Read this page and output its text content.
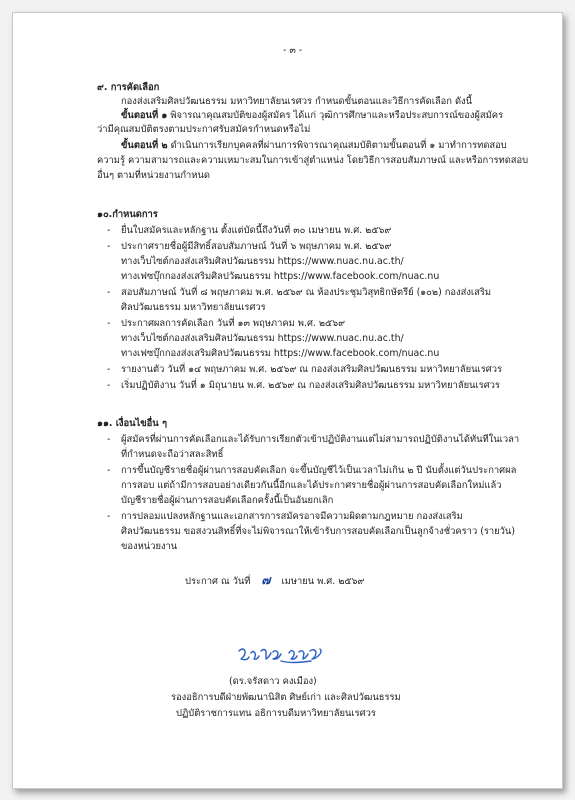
- ๓ -
๙. การคัดเลือก
กองส่งเสริมศิลปวัฒนธรรม มหาวิทยาลัยนเรศวร กำหนดขั้นตอนและวิธีการคัดเลือก ดังนี้
ขั้นตอนที่ ๑ พิจารณาคุณสมบัติของผู้สมัคร ได้แก่ วุฒิการศึกษาและหรือประสบการณ์ของผู้สมัคร
ว่ามีคุณสมบัติตรงตามประกาศรับสมัครกำหนดหรือไม่
ขั้นตอนที่ ๒ ดำเนินการเรียกบุคคลที่ผ่านการพิจารณาคุณสมบัติตามขั้นตอนที่ ๑ มาทำการทดสอบ
ความรู้ ความสามารถและความเหมาะสมในการเข้าสู่ตำแหน่ง โดยวิธีการสอบสัมภาษณ์ และหรือการทดสอบ
อื่นๆ ตามที่หน่วยงานกำหนด
๑๐.กำหนดการ
- ยื่นใบสมัครและหลักฐาน ตั้งแต่บัดนี้ถึงวันที่ ๓๐ เมษายน พ.ศ. ๒๕๖๙
- ประกาศรายชื่อผู้มีสิทธิ์สอบสัมภาษณ์ วันที่ ๖ พฤษภาคม พ.ศ. ๒๕๖๙
ทางเว็บไซต์กองส่งเสริมศิลปวัฒนธรรม https://www.nuac.nu.ac.th/
ทางเฟซบุ๊กกองส่งเสริมศิลปวัฒนธรรม https://www.facebook.com/nuac.nu
- สอบสัมภาษณ์ วันที่ ๘ พฤษภาคม พ.ศ. ๒๕๖๙ ณ ห้องประชุมวิสุทธิกษัตรีย์ (๑๐๒) กองส่งเสริม
ศิลปวัฒนธรรม มหาวิทยาลัยนเรศวร
- ประกาศผลการคัดเลือก วันที่ ๑๓ พฤษภาคม พ.ศ. ๒๕๖๙
ทางเว็บไซต์กองส่งเสริมศิลปวัฒนธรรม https://www.nuac.nu.ac.th/
ทางเฟซบุ๊กกองส่งเสริมศิลปวัฒนธรรม https://www.facebook.com/nuac.nu
- รายงานตัว วันที่ ๑๔ พฤษภาคม พ.ศ. ๒๕๖๙ ณ กองส่งเสริมศิลปวัฒนธรรม มหาวิทยาลัยนเรศวร
- เริ่มปฏิบัติงาน วันที่ ๑ มิถุนายน พ.ศ. ๒๕๖๙ ณ กองส่งเสริมศิลปวัฒนธรรม มหาวิทยาลัยนเรศวร
๑๑. เงื่อนไขอื่น ๆ
- ผู้สมัครที่ผ่านการคัดเลือกและได้รับการเรียกตัวเข้าปฏิบัติงานแต่ไม่สามารถปฏิบัติงานได้ทันทีในเวลา
ที่กำหนดจะถือว่าสละสิทธิ์
- การขึ้นบัญชีรายชื่อผู้ผ่านการสอบคัดเลือก จะขึ้นบัญชีไว้เป็นเวลาไม่เกิน ๒ ปี นับตั้งแต่วันประกาศผล
การสอบ แต่ถ้ามีการสอบอย่างเดียวกันนี้อีกและได้ประกาศรายชื่อผู้ผ่านการสอบคัดเลือกใหม่แล้ว
บัญชีรายชื่อผู้ผ่านการสอบคัดเลือกครั้งนี้เป็นอันยกเลิก
- การปลอมแปลงหลักฐานและเอกสารการสมัครอาจมีความผิดตามกฎหมาย กองส่งเสริม
ศิลปวัฒนธรรม ขอสงวนสิทธิ์ที่จะไม่พิจารณาให้เข้ารับการสอบคัดเลือกเป็นลูกจ้างชั่วคราว (รายวัน)
ของหน่วยงาน
ประกาศ ณ วันที่ ๗ เมษายน พ.ศ. ๒๕๖๙
(ดร.จรัสดาว คงเมือง)
รองอธิการบดีฝ่ายพัฒนานิสิต ศิษย์เก่า และศิลปวัฒนธรรม
ปฏิบัติราชการแทน อธิการบดีมหาวิทยาลัยนเรศวร
